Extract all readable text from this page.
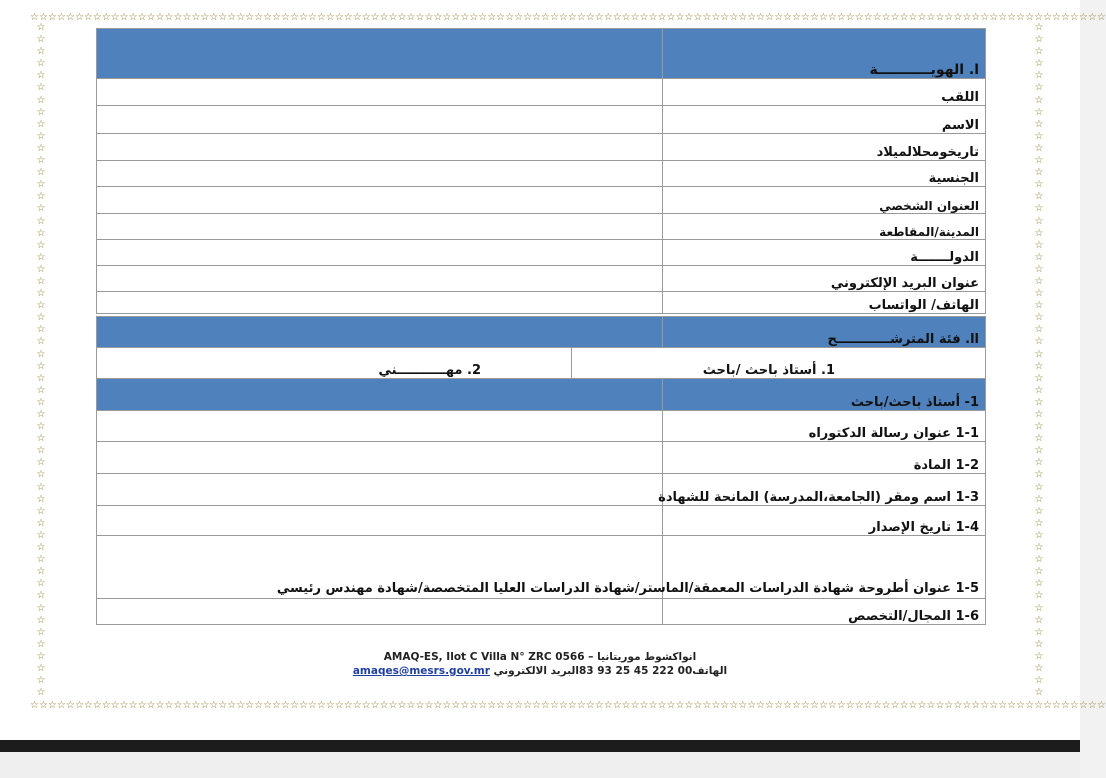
☆☆☆☆☆☆☆☆☆☆☆☆☆☆☆☆☆☆☆☆☆☆☆☆☆☆☆☆☆☆☆☆☆☆☆☆☆☆☆☆☆☆☆☆☆☆☆☆☆☆☆☆☆☆☆☆☆☆☆☆☆☆☆☆☆☆☆☆☆☆☆☆☆☆☆☆☆☆☆☆☆☆☆☆☆☆☆☆☆☆☆☆☆☆☆☆☆☆☆☆☆☆☆☆☆☆☆☆☆☆☆☆☆☆☆☆☆☆☆☆
☆☆☆☆☆☆☆☆☆☆☆☆☆☆☆☆☆☆☆☆☆☆☆☆☆☆☆☆☆☆☆☆☆☆☆☆☆☆☆☆☆☆☆☆☆☆☆☆☆☆☆☆☆☆☆☆☆☆☆☆☆☆☆☆☆☆☆☆☆☆☆☆☆☆☆☆☆☆☆☆☆☆☆☆☆☆☆☆☆☆☆☆☆☆☆☆☆☆☆☆☆☆☆☆☆☆☆☆☆☆☆☆☆☆☆☆☆☆☆☆
☆
☆
☆
☆
☆
☆
☆
☆
☆
☆
☆
☆
☆
☆
☆
☆
☆
☆
☆
☆
☆
☆
☆
☆
☆
☆
☆
☆
☆
☆
☆
☆
☆
☆
☆
☆
☆
☆
☆
☆
☆
☆
☆
☆
☆
☆
☆
☆
☆
☆
☆
☆
☆
☆
☆
☆
☆
☆
☆
☆
☆
☆
☆
☆
☆
☆
☆
☆
☆
☆
☆
☆
☆
☆
☆
☆
☆
☆
☆
☆
☆
☆
☆
☆
☆
☆
☆
☆
☆
☆
☆
☆
☆
☆
☆
☆
☆
☆
☆
☆
☆
☆
☆
☆
☆
☆
☆
☆
☆
☆
☆
☆
ا. الهويـــــــــــة	
اللقب	
الاسم	
تاريخومحلالميلاد	
الجنسية	
العنوان الشخصي	
المدينة/المقاطعة	
الدولـــــــة	
عنوان البريد الإلكتروني	
الهاتف/ الواتساب	
اا. فئة المترشــــــــــــح	
1. أستاذ باحث /باحث	2. مهـــــــــــني
1- أستاذ باحث/باحث	
1-1 عنوان رسالة الدكتوراه	
1-2 المادة	
1-3 اسم ومقر (الجامعة،المدرسة) المانحة للشهادة	
1-4 تاريخ الإصدار	
1-5 عنوان أطروحة شهادة الدراسات المعمقة/الماستر/شهادة الدراسات العليا المتخصصة/شهادة مهندس رئيسي	
1-6 المجال/التخصص	
AMAQ-ES, Ilot C Villa N° ZRC 0566 – انواكشوط موريتانيا
amaqes@mesrs.gov.mr الهاتف00 222 45 25 93 83البريد الالكتروني
